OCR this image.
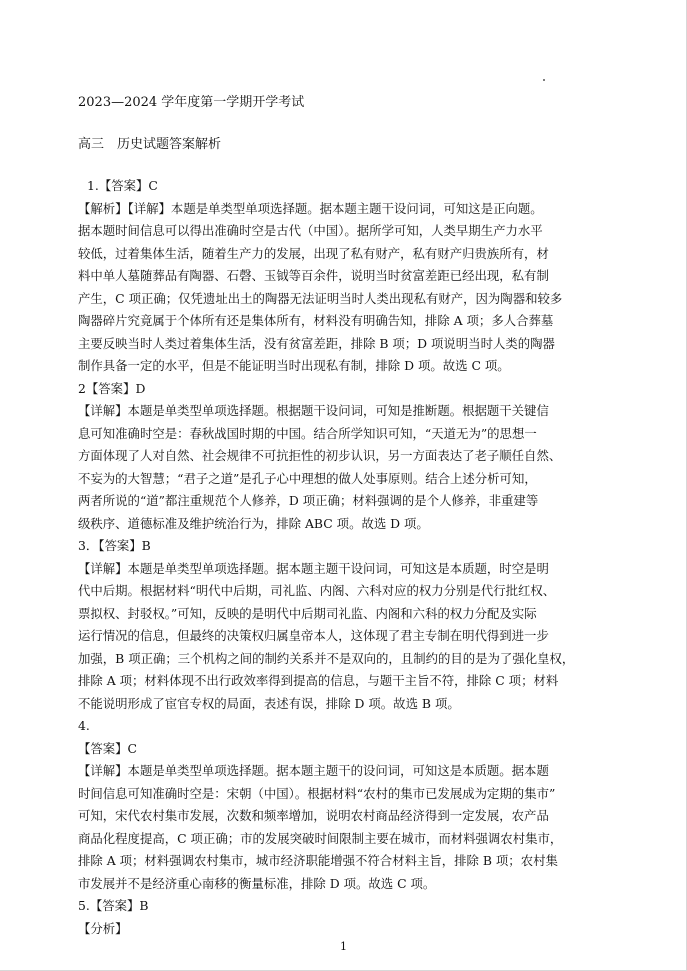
2023—2024 学年度第一学期开学考试
高三　历史试题答案解析
1.【答案】C
【解析】【详解】本题是单类型单项选择题。据本题主题干设问词，可知这是正向题。
据本题时间信息可以得出准确时空是古代（中国）。据所学可知，人类早期生产力水平
较低，过着集体生活，随着生产力的发展，出现了私有财产，私有财产归贵族所有，材
料中单人墓随葬品有陶器、石磬、玉钺等百余件，说明当时贫富差距已经出现，私有制
产生，C 项正确；仅凭遗址出土的陶器无法证明当时人类出现私有财产，因为陶器和较多
陶器碎片究竟属于个体所有还是集体所有，材料没有明确告知，排除 A 项；多人合葬墓
主要反映当时人类过着集体生活，没有贫富差距，排除 B 项；D 项说明当时人类的陶器
制作具备一定的水平，但是不能证明当时出现私有制，排除 D 项。故选 C 项。
2【答案】D
【详解】本题是单类型单项选择题。根据题干设问词，可知是推断题。根据题干关键信
息可知准确时空是：春秋战国时期的中国。结合所学知识可知，“天道无为”的思想一
方面体现了人对自然、社会规律不可抗拒性的初步认识，另一方面表达了老子顺任自然、
不妄为的大智慧；“君子之道”是孔子心中理想的做人处事原则。结合上述分析可知，
两者所说的“道”都注重规范个人修养，D 项正确；材料强调的是个人修养，非重建等
级秩序、道德标准及维护统治行为，排除 ABC 项。故选 D 项。
3．【答案】B
【详解】本题是单类型单项选择题。据本题主题干设问词，可知这是本质题，时空是明
代中后期。根据材料“明代中后期，司礼监、内阁、六科对应的权力分别是代行批红权、
票拟权、封驳权。”可知，反映的是明代中后期司礼监、内阁和六科的权力分配及实际
运行情况的信息，但最终的决策权归属皇帝本人，这体现了君主专制在明代得到进一步
加强，B 项正确；三个机构之间的制约关系并不是双向的，且制约的目的是为了强化皇权，
排除 A 项；材料体现不出行政效率得到提高的信息，与题干主旨不符，排除 C 项；材料
不能说明形成了宦官专权的局面，表述有误，排除 D 项。故选 B 项。
4.
【答案】C
【详解】本题是单类型单项选择题。据本题主题干的设问词，可知这是本质题。据本题
时间信息可知准确时空是：宋朝（中国）。根据材料“农村的集市已发展成为定期的集市”
可知，宋代农村集市发展，次数和频率增加，说明农村商品经济得到一定发展，农产品
商品化程度提高，C 项正确；市的发展突破时间限制主要在城市，而材料强调农村集市，
排除 A 项；材料强调农村集市，城市经济职能增强不符合材料主旨，排除 B 项；农村集
市发展并不是经济重心南移的衡量标准，排除 D 项。故选 C 项。
5.【答案】B
【分析】
1
